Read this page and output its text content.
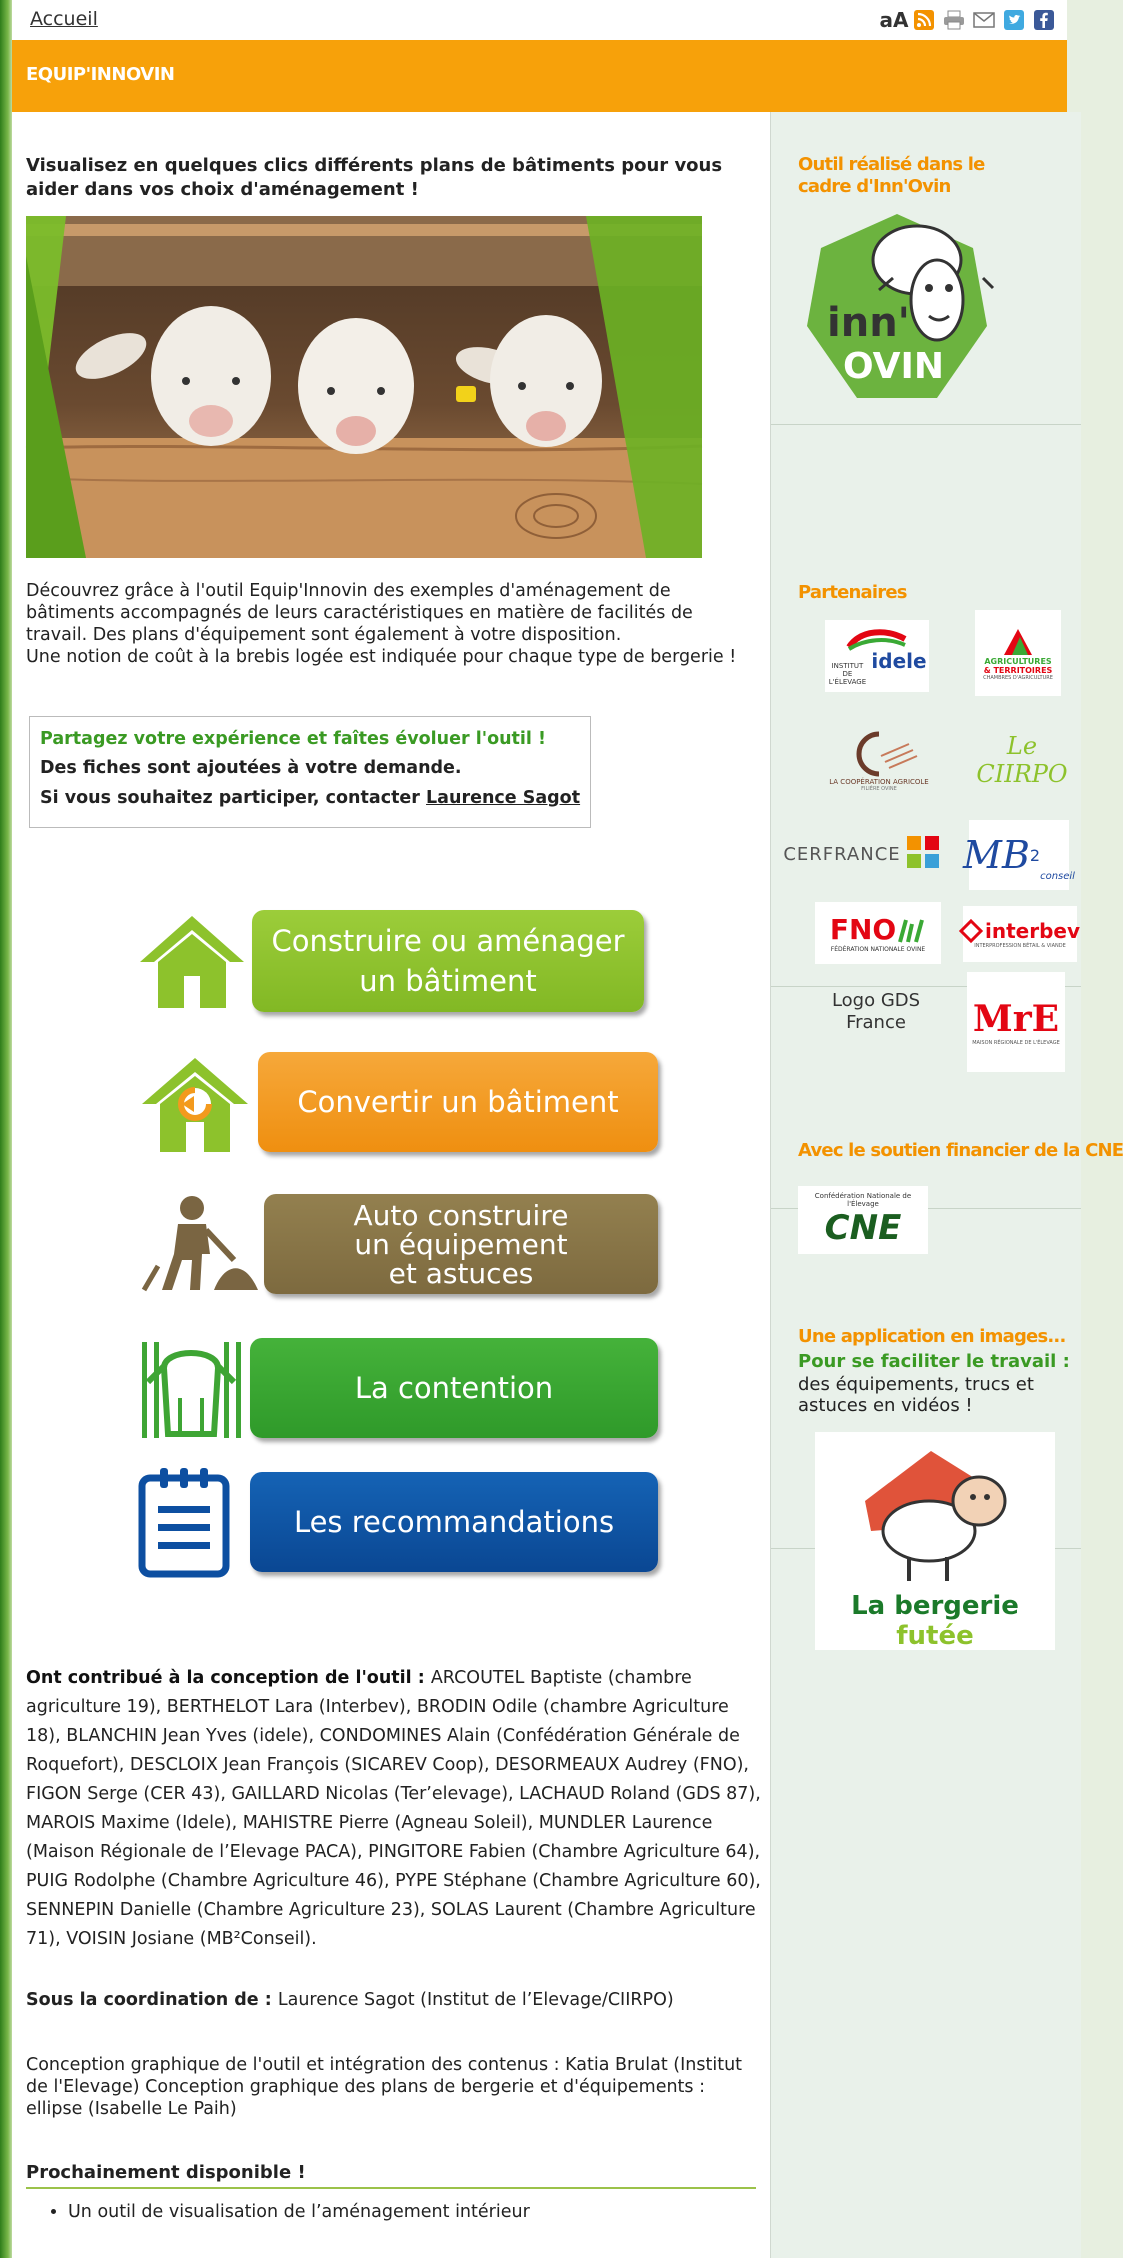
Accueil	aA
EQUIP'INNOVIN
Visualisez en quelques clics différents plans de bâtiments pour vous aider dans vos choix d'aménagement !
Découvrez grâce à l'outil Equip'Innovin des exemples d'aménagement de bâtiments accompagnés de leurs caractéristiques en matière de facilités de travail. Des plans d'équipement sont également à votre disposition.
Une notion de coût à la brebis logée est indiquée pour chaque type de bergerie !
Partagez votre expérience et faîtes évoluer l'outil !
Des fiches sont ajoutées à votre demande.
Si vous souhaitez participer, contacter Laurence Sagot
Construire ou aménager
un bâtiment
Convertir un bâtiment
Auto construire
un équipement
et astuces
La contention
Les recommandations
Ont contribué à la conception de l'outil : ARCOUTEL Baptiste (chambre agriculture 19), BERTHELOT Lara (Interbev), BRODIN Odile (chambre Agriculture 18), BLANCHIN Jean Yves (idele), CONDOMINES Alain (Confédération Générale de Roquefort), DESCLOIX Jean François (SICAREV Coop), DESORMEAUX Audrey (FNO), FIGON Serge (CER 43), GAILLARD Nicolas (Ter’elevage), LACHAUD Roland (GDS 87), MAROIS Maxime (Idele), MAHISTRE Pierre (Agneau Soleil), MUNDLER Laurence (Maison Régionale de l’Elevage PACA), PINGITORE Fabien (Chambre Agriculture 64), PUIG Rodolphe (Chambre Agriculture 46), PYPE Stéphane (Chambre Agriculture 60), SENNEPIN Danielle (Chambre Agriculture 23), SOLAS Laurent (Chambre Agriculture 71), VOISIN Josiane (MB²Conseil).
Sous la coordination de : Laurence Sagot (Institut de l’Elevage/CIIRPO)
Conception graphique de l'outil et intégration des contenus : Katia Brulat (Institut de l'Elevage) Conception graphique des plans de bergerie et d'équipements : ellipse (Isabelle Le Paih)
Prochainement disponible !
• Un outil de visualisation de l’aménagement intérieur
Outil réalisé dans le cadre d'Inn'Ovin
inn'
OVIN
Partenaires
INSTITUT DE L'ÉLEVAGE
idele	AGRICULTURES
& TERRITOIRES
CHAMBRES D'AGRICULTURE
LA COOPÉRATION AGRICOLE
FILIÈRE OVINE
Le CIIRPO
CERFRANCE MB 2
conseil
FNO
FÉDÉRATION NATIONALE OVINE
interbev
INTERPROFESSION BÉTAIL & VIANDE
Logo GDS France	MrE
MAISON RÉGIONALE DE L'ÉLEVAGE
Avec le soutien financier de la CNE
Confédération Nationale de l'Élevage
CNE
Une application en images...
Pour se faciliter le travail :
des équipements, trucs et astuces en vidéos !
La bergerie futée
